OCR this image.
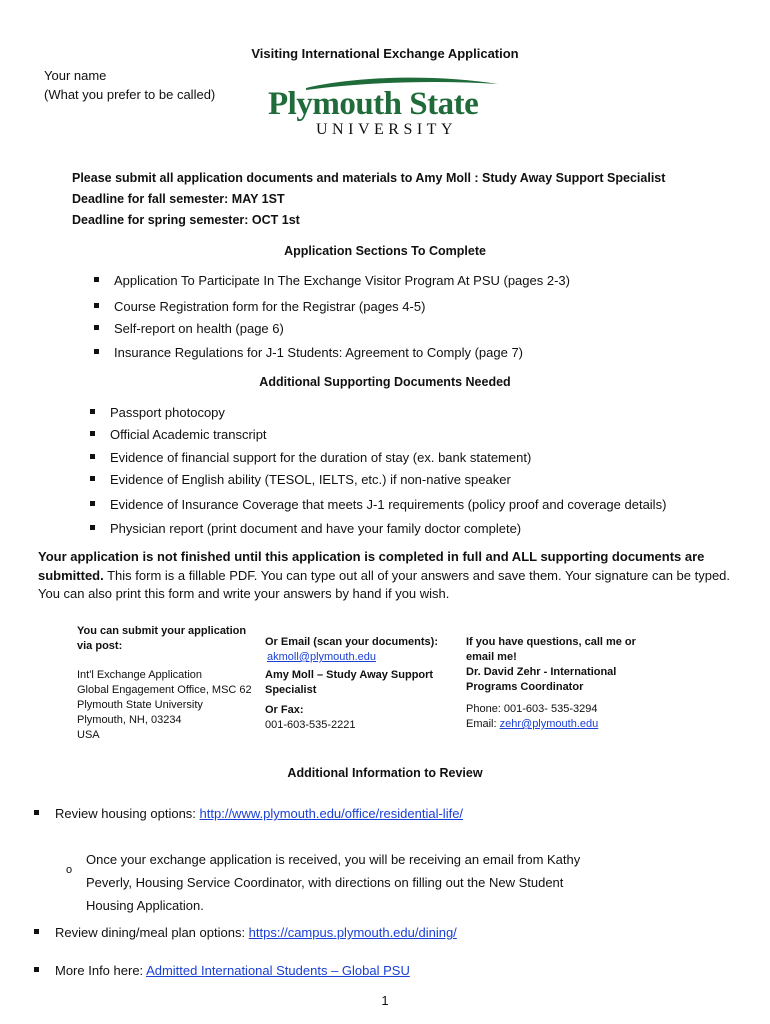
Visiting International Exchange Application
Your name
(What you prefer to be called) Plymouth State
UNIVERSITY
Please submit all application documents and materials to Amy Moll : Study Away Support Specialist
Deadline for fall semester: MAY 1ST
Deadline for spring semester: OCT 1st
Application Sections To Complete
Application To Participate In The Exchange Visitor Program At PSU (pages 2-3)
Course Registration form for the Registrar (pages 4-5)
Self-report on health (page 6)
Insurance Regulations for J-1 Students: Agreement to Comply (page 7)
Additional Supporting Documents Needed
Passport photocopy
Official Academic transcript
Evidence of financial support for the duration of stay (ex. bank statement)
Evidence of English ability (TESOL, IELTS, etc.) if non-native speaker
Evidence of Insurance Coverage that meets J-1 requirements (policy proof and coverage details)
Physician report (print document and have your family doctor complete)
Your application is not finished until this application is completed in full and ALL supporting documents are submitted. This form is a fillable PDF. You can type out all of your answers and save them. Your signature can be typed. You can also print this form and write your answers by hand if you wish.
You can submit your application
via post:
Int'l Exchange Application
Global Engagement Office, MSC 62
Plymouth State University
Plymouth, NH, 03234
USA
Or Email (scan your documents):
akmoll@plymouth.edu
Amy Moll – Study Away Support
Specialist
Or Fax:
001-603-535-2221
If you have questions, call me or
email me!
Dr. David Zehr - International
Programs Coordinator
Phone: 001-603- 535-3294
Email: zehr@plymouth.edu
Additional Information to Review
Review housing options: http://www.plymouth.edu/office/residential-life/
o
Once your exchange application is received, you will be receiving an email from Kathy
Peverly, Housing Service Coordinator, with directions on filling out the New Student
Housing Application.
Review dining/meal plan options: https://campus.plymouth.edu/dining/
More Info here: Admitted International Students – Global PSU
1
